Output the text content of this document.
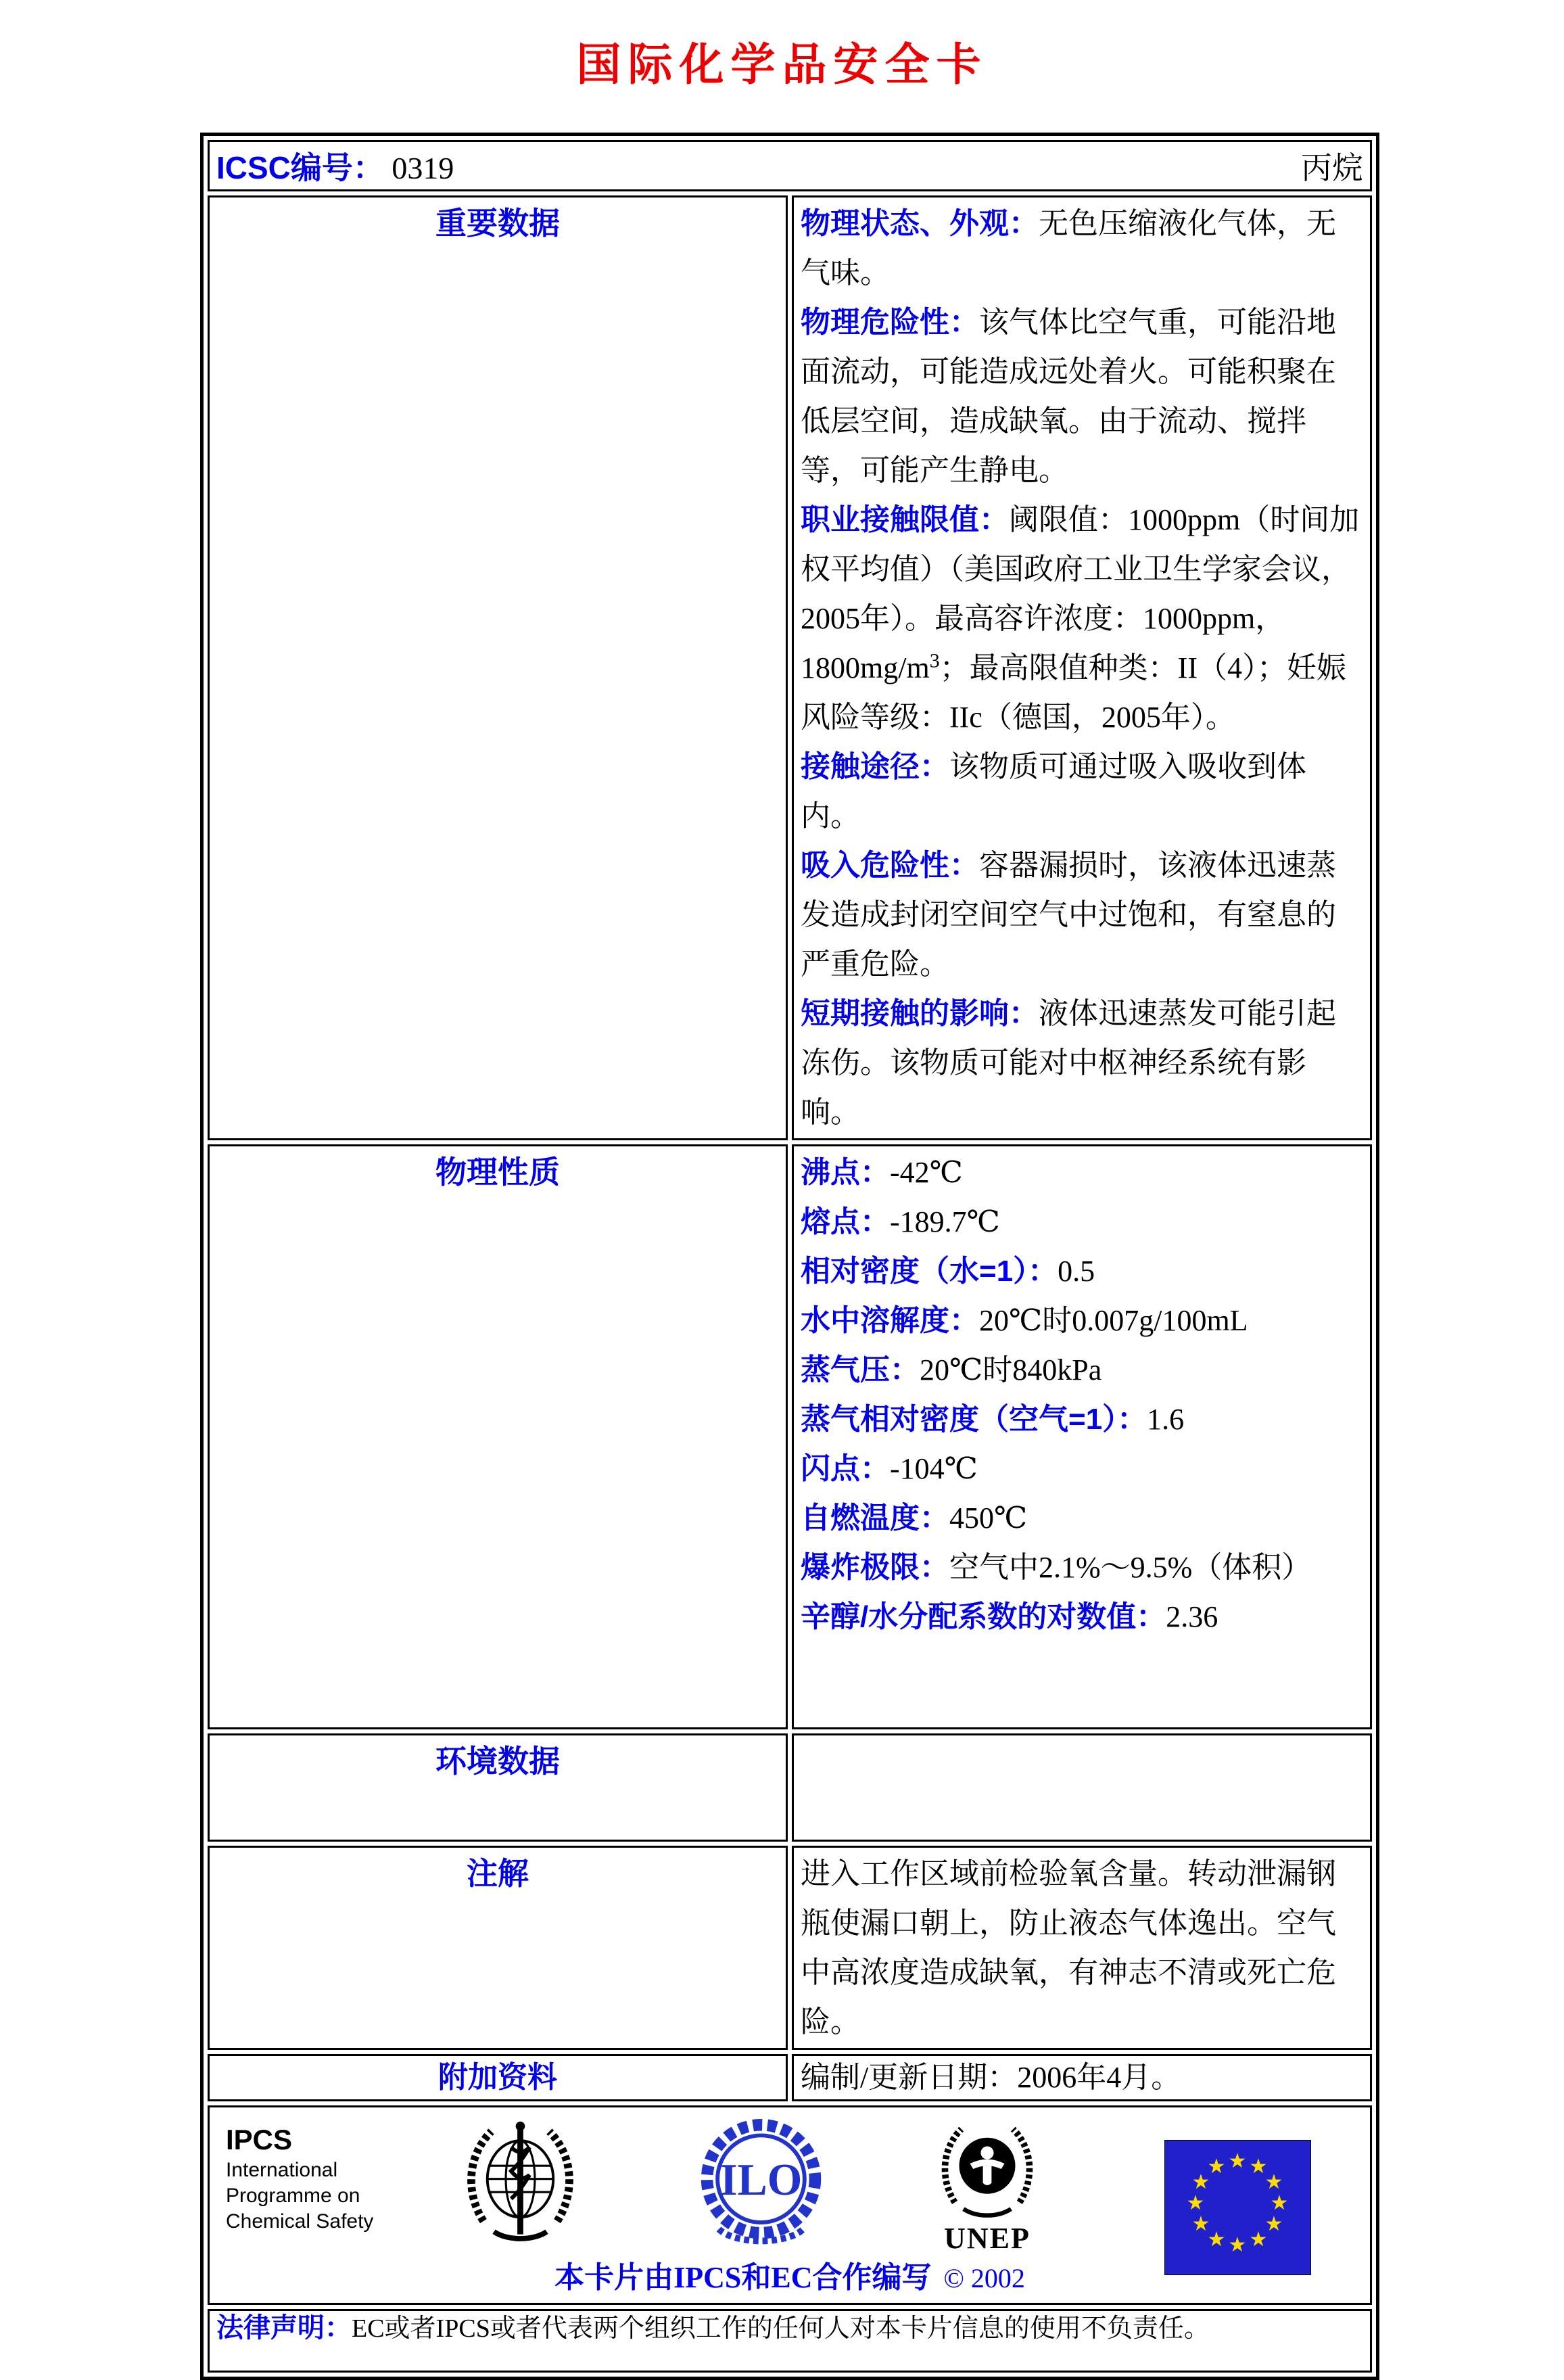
国际化学品安全卡
ICSC编号： 0319 丙烷	

重要数据	物理状态、外观：无色压缩液化气体，无气味。

物理危险性：该气体比空气重，可能沿地面流动，可能造成远处着火。可能积聚在低层空间，造成缺氧。由于流动、搅拌等，可能产生静电。

职业接触限值：阈限值：1000ppm（时间加权平均值）（美国政府工业卫生学家会议，2005年）。最高容许浓度：1000ppm，$1800mg/m^3$；最高限值种类：II（4）；妊娠风险等级：IIc（德国，2005年）。

接触途径：该物质可通过吸入吸收到体内。

吸入危险性：容器漏损时，该液体迅速蒸发造成封闭空间空气中过饱和，有窒息的严重危险。

短期接触的影响：液体迅速蒸发可能引起冻伤。该物质可能对中枢神经系统有影响。

物理性质	沸点：-42℃
熔点：-189.7℃
相对密度（水=1）：0.5
水中溶解度：20℃时0.007g/100mL
蒸气压：20℃时840kPa
蒸气相对密度（空气=1）：1.6
闪点：-104℃
自燃温度：450℃
爆炸极限：空气中2.1%～9.5%（体积）
辛醇/水分配系数的对数值：2.36

环境数据	
注解	进入工作区域前检验氧含量。转动泄漏钢瓶使漏口朝上，防止液态气体逸出。空气中高浓度造成缺氧，有神志不清或死亡危险。
附加资料	编制/更新日期：2006年4月。

IPCS
International
Programme on
Chemical Safety
ILO
UNEP
★
★
★
★
★
★
★
★
★
★
★
★
本卡片由IPCS和EC合作编写 © 2002

法律声明：EC或者IPCS或者代表两个组织工作的任何人对本卡片信息的使用不负责任。	
